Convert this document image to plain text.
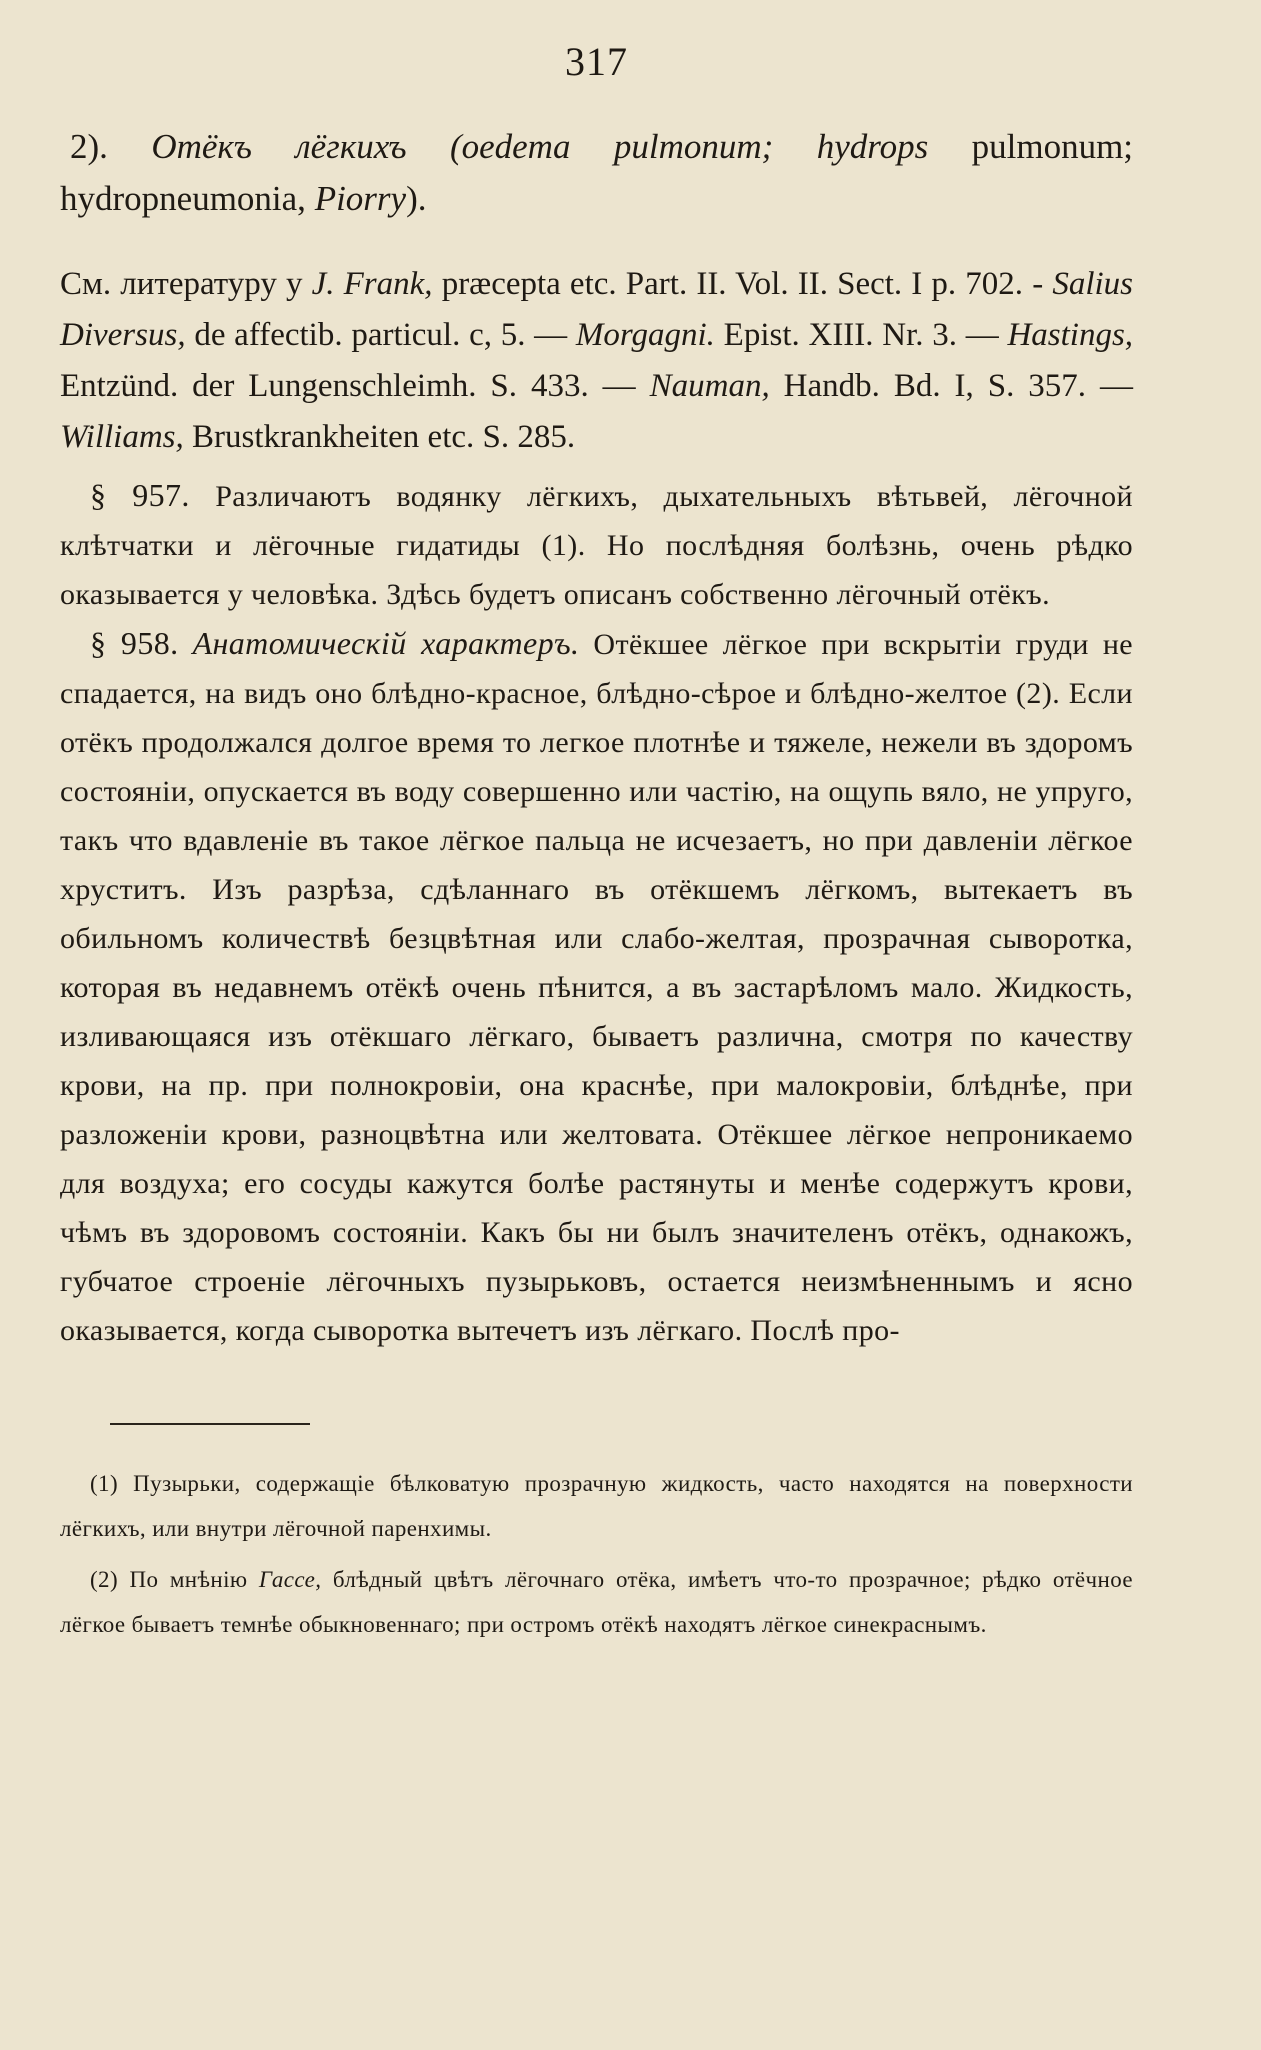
317

2). Отёкъ лёгкихъ (oedema pulmonum; hydrops pulmonum; hydropneumonia, Piorry).

См. литературу у J. Frank, præcepta etc. Part. II. Vol. II. Sect. I p. 702. - Salius Diversus, de affectib. particul. c, 5. — Morgagni. Epist. XIII. Nr. 3. — Hastings, Entzünd. der Lungenschleimh. S. 433. — Nauman, Handb. Bd. I, S. 357. — Williams, Brustkrankheiten etc. S. 285.

§ 957. Различаютъ водянку лёгкихъ, дыхательныхъ вѣтьвей, лёгочной клѣтчатки и лёгочные гидатиды (1). Но послѣдняя болѣзнь, очень рѣдко оказывается у человѣка. Здѣсь будетъ описанъ собственно лёгочный отёкъ.

§ 958. Анатомическій характеръ. Отёкшее лёгкое при вскрытіи груди не спадается, на видъ оно блѣдно-красное, блѣдно-сѣрое и блѣдно-желтое (2). Если отёкъ продолжался долгое время то легкое плотнѣе и тяжеле, нежели въ здоромъ состояніи, опускается въ воду совершенно или частію, на ощупь вяло, не упруго, такъ что вдавленіе въ такое лёгкое пальца не исчезаетъ, но при давленіи лёгкое хруститъ. Изъ разрѣза, сдѣланнаго въ отёкшемъ лёгкомъ, вытекаетъ въ обильномъ количествѣ безцвѣтная или слабо-желтая, прозрачная сыворотка, которая въ недавнемъ отёкѣ очень пѣнится, а въ застарѣломъ мало. Жидкость, изливающаяся изъ отёкшаго лёгкаго, бываетъ различна, смотря по качеству крови, на пр. при полнокровіи, она краснѣе, при малокровіи, блѣднѣе, при разложеніи крови, разноцвѣтна или желтовата. Отёкшее лёгкое непроникаемо для воздуха; его сосуды кажутся болѣе растянуты и менѣе содержутъ крови, чѣмъ въ здоровомъ состояніи. Какъ бы ни былъ значителенъ отёкъ, однакожъ, губчатое строеніе лёгочныхъ пузырьковъ, остается неизмѣненнымъ и ясно оказывается, когда сыворотка вытечетъ изъ лёгкаго. Послѣ про-

(1) Пузырьки, содержащіе бѣлковатую прозрачную жидкость, часто находятся на поверхности лёгкихъ, или внутри лёгочной паренхимы.

(2) По мнѣнію Гассе, блѣдный цвѣтъ лёгочнаго отёка, имѣетъ что-то прозрачное; рѣдко отёчное лёгкое бываетъ темнѣе обыкновеннаго; при остромъ отёкѣ находятъ лёгкое синекраснымъ.
